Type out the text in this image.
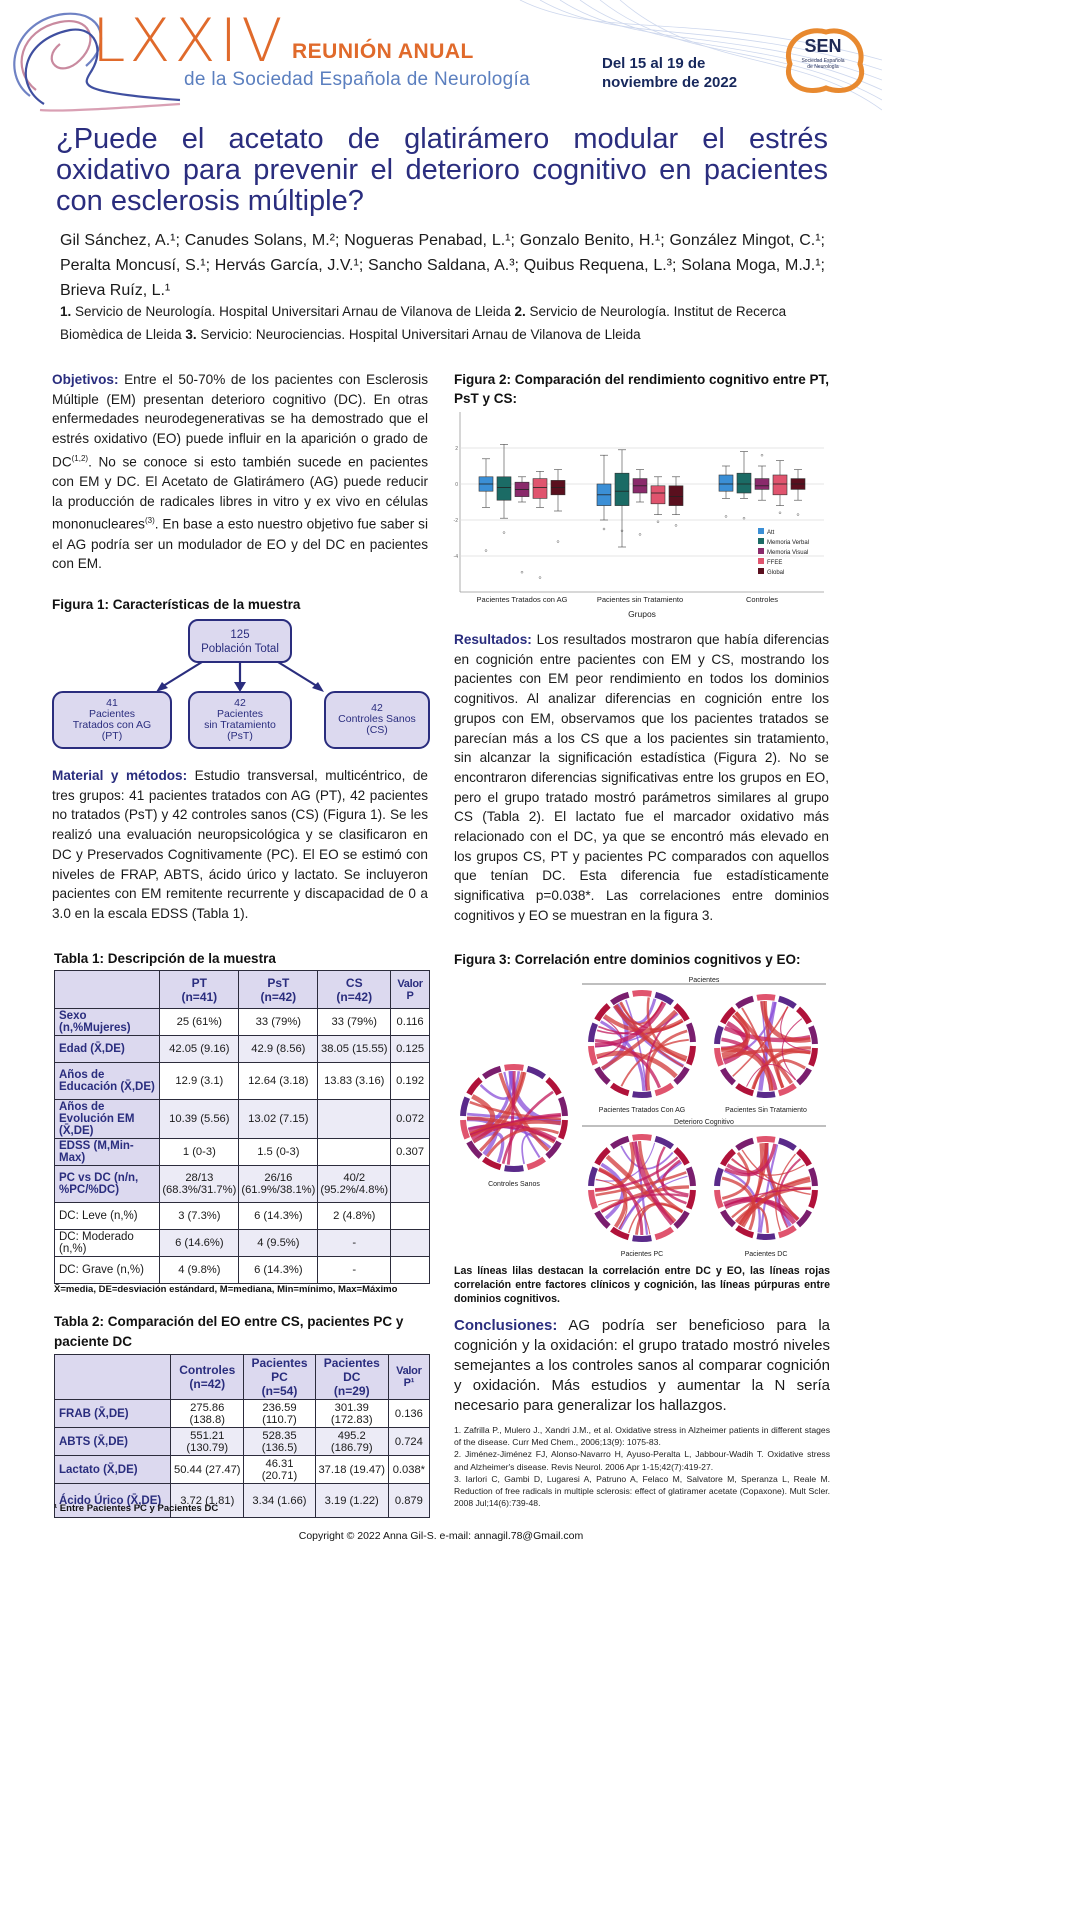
LXXIV REUNIÓN ANUAL
de la Sociedad Española de Neurología
Del 15 al 19 de
noviembre de 2022
SEN
Sociedad Española
de Neurología
¿Puede el acetato de glatirámero modular el estrés oxidativo para prevenir el deterioro cognitivo en pacientes con esclerosis múltiple?

Gil Sánchez, A.¹; Canudes Solans, M.²; Nogueras Penabad, L.¹; Gonzalo Benito, H.¹; González Mingot, C.¹; Peralta Moncusí, S.¹; Hervás García, J.V.¹; Sancho Saldana, A.³; Quibus Requena, L.³; Solana Moga, M.J.¹; Brieva Ruíz, L.¹

1. Servicio de Neurología. Hospital Universitari Arnau de Vilanova de Lleida 2. Servicio de Neurología. Institut de Recerca Biomèdica de Lleida 3. Servicio: Neurociencias. Hospital Universitari Arnau de Vilanova de Lleida

Objetivos: Entre el 50-70% de los pacientes con Esclerosis Múltiple (EM) presentan deterioro cognitivo (DC). En otras enfermedades neurodegenerativas se ha demostrado que el estrés oxidativo (EO) puede influir en la aparición o grado de DC$^{(1,2)}$. No se conoce si esto también sucede en pacientes con EM y DC. El Acetato de Glatirámero (AG) puede reducir la producción de radicales libres in vitro y ex vivo en células mononucleares$^{(3)}$. En base a esto nuestro objetivo fue saber si el AG podría ser un modulador de EO y del DC en pacientes con EM.

Figura 1: Características de la muestra
125
Población Total
41
Pacientes
Tratados con AG
(PT)
42
Pacientes
sin Tratamiento
(PsT)
42
Controles Sanos
(CS)

Material y métodos: Estudio transversal, multicéntrico, de tres grupos: 41 pacientes tratados con AG (PT), 42 pacientes no tratados (PsT) y 42 controles sanos (CS) (Figura 1). Se les realizó una evaluación neuropsicológica y se clasificaron en DC y Preservados Cognitivamente (PC). El EO se estimó con niveles de FRAP, ABTS, ácido úrico y lactato. Se incluyeron pacientes con EM remitente recurrente y discapacidad de 0 a 3.0 en la escala EDSS (Tabla 1).

Tabla 1: Descripción de la muestra
	PT
(n=41)	PsT
(n=42)	CS
(n=42)	Valor P
Sexo (n,%Mujeres)	25 (61%)	33 (79%)	33 (79%)	0.116
Edad (X̄,DE)	42.05 (9.16)	42.9 (8.56)	38.05 (15.55)	0.125
Años de Educación (X̄,DE)	12.9 (3.1)	12.64 (3.18)	13.83 (3.16)	0.192
Años de Evolución EM (X̄,DE)	10.39 (5.56)	13.02 (7.15)		0.072
EDSS (M,Min-Max)	1 (0-3)	1.5 (0-3)		0.307
PC vs DC (n/n, %PC/%DC)	28/13
(68.3%/31.7%)	26/16
(61.9%/38.1%)	40/2
(95.2%/4.8%)	
DC: Leve (n,%)	3 (7.3%)	6 (14.3%)	2 (4.8%)	
DC: Moderado (n,%)	6 (14.6%)	4 (9.5%)	-	
DC: Grave (n,%)	4 (9.8%)	6 (14.3%)	-	
X̄=media, DE=desviación estándard, M=mediana, Min=mínimo, Max=Máximo
Tabla 2: Comparación del EO entre CS, pacientes PC y paciente DC
	Controles
(n=42)	Pacientes PC
(n=54)	Pacientes DC
(n=29)	Valor P¹
FRAB (X̄,DE)	275.86 (138.8)	236.59 (110.7)	301.39 (172.83)	0.136
ABTS (X̄,DE)	551.21 (130.79)	528.35 (136.5)	495.2 (186.79)	0.724
Lactato (X̄,DE)	50.44 (27.47)	46.31 (20.71)	37.18 (19.47)	0.038*
Ácido Úrico (X̄,DE)	3.72 (1.81)	3.34 (1.66)	3.19 (1.22)	0.879
¹ Entre Pacientes PC y Pacientes DC
Figura 2: Comparación del rendimiento cognitivo entre PT, PsT y CS:
2
0
-2
-4
Pacientes Tratados con AG	Pacientes sin Tratamiento	Controles
Grupos
Att
Memoria Verbal
Memoria Visual
FFEE
Global

Resultados: Los resultados mostraron que había diferencias en cognición entre pacientes con EM y CS, mostrando los pacientes con EM peor rendimiento en todos los dominios cognitivos. Al analizar diferencias en cognición entre los grupos con EM, observamos que los pacientes tratados se parecían más a los CS que a los pacientes sin tratamiento, sin alcanzar la significación estadística (Figura 2). No se encontraron diferencias significativas entre los grupos en EO, pero el grupo tratado mostró parámetros similares al grupo CS (Tabla 2). El lactato fue el marcador oxidativo más relacionado con el DC, ya que se encontró más elevado en los grupos CS, PT y pacientes PC comparados con aquellos que tenían DC. Esta diferencia fue estadísticamente significativa p=0.038*. Las correlaciones entre dominios cognitivos y EO se muestran en la figura 3.

Figura 3: Correlación entre dominios cognitivos y EO:
Pacientes
Deterioro Cognitivo
Pacientes Tratados Con AG	Pacientes Sin Tratamiento
Controles Sanos
Pacientes PC	Pacientes DC

Las líneas lilas destacan la correlación entre DC y EO, las líneas rojas correlación entre factores clínicos y cognición, las líneas púrpuras entre dominios cognitivos.

Conclusiones: AG podría ser beneficioso para la cognición y la oxidación: el grupo tratado mostró niveles semejantes a los controles sanos al comparar cognición y oxidación. Más estudios y aumentar la N sería necesario para generalizar los hallazgos.

1. Zafrilla P., Mulero J., Xandri J.M., et al. Oxidative stress in Alzheimer patients in different stages of the disease. Curr Med Chem., 2006;13(9): 1075-83.
2. Jiménez-Jiménez FJ, Alonso-Navarro H, Ayuso-Peralta L, Jabbour-Wadih T. Oxidative stress and Alzheimer's disease. Revis Neurol. 2006 Apr 1-15;42(7):419-27.
3. Iarlori C, Gambi D, Lugaresi A, Patruno A, Felaco M, Salvatore M, Speranza L, Reale M. Reduction of free radicals in multiple sclerosis: effect of glatiramer acetate (Copaxone). Mult Scler. 2008 Jul;14(6):739-48.
Copyright © 2022 Anna Gil-S. e-mail: annagil.78@Gmail.com
